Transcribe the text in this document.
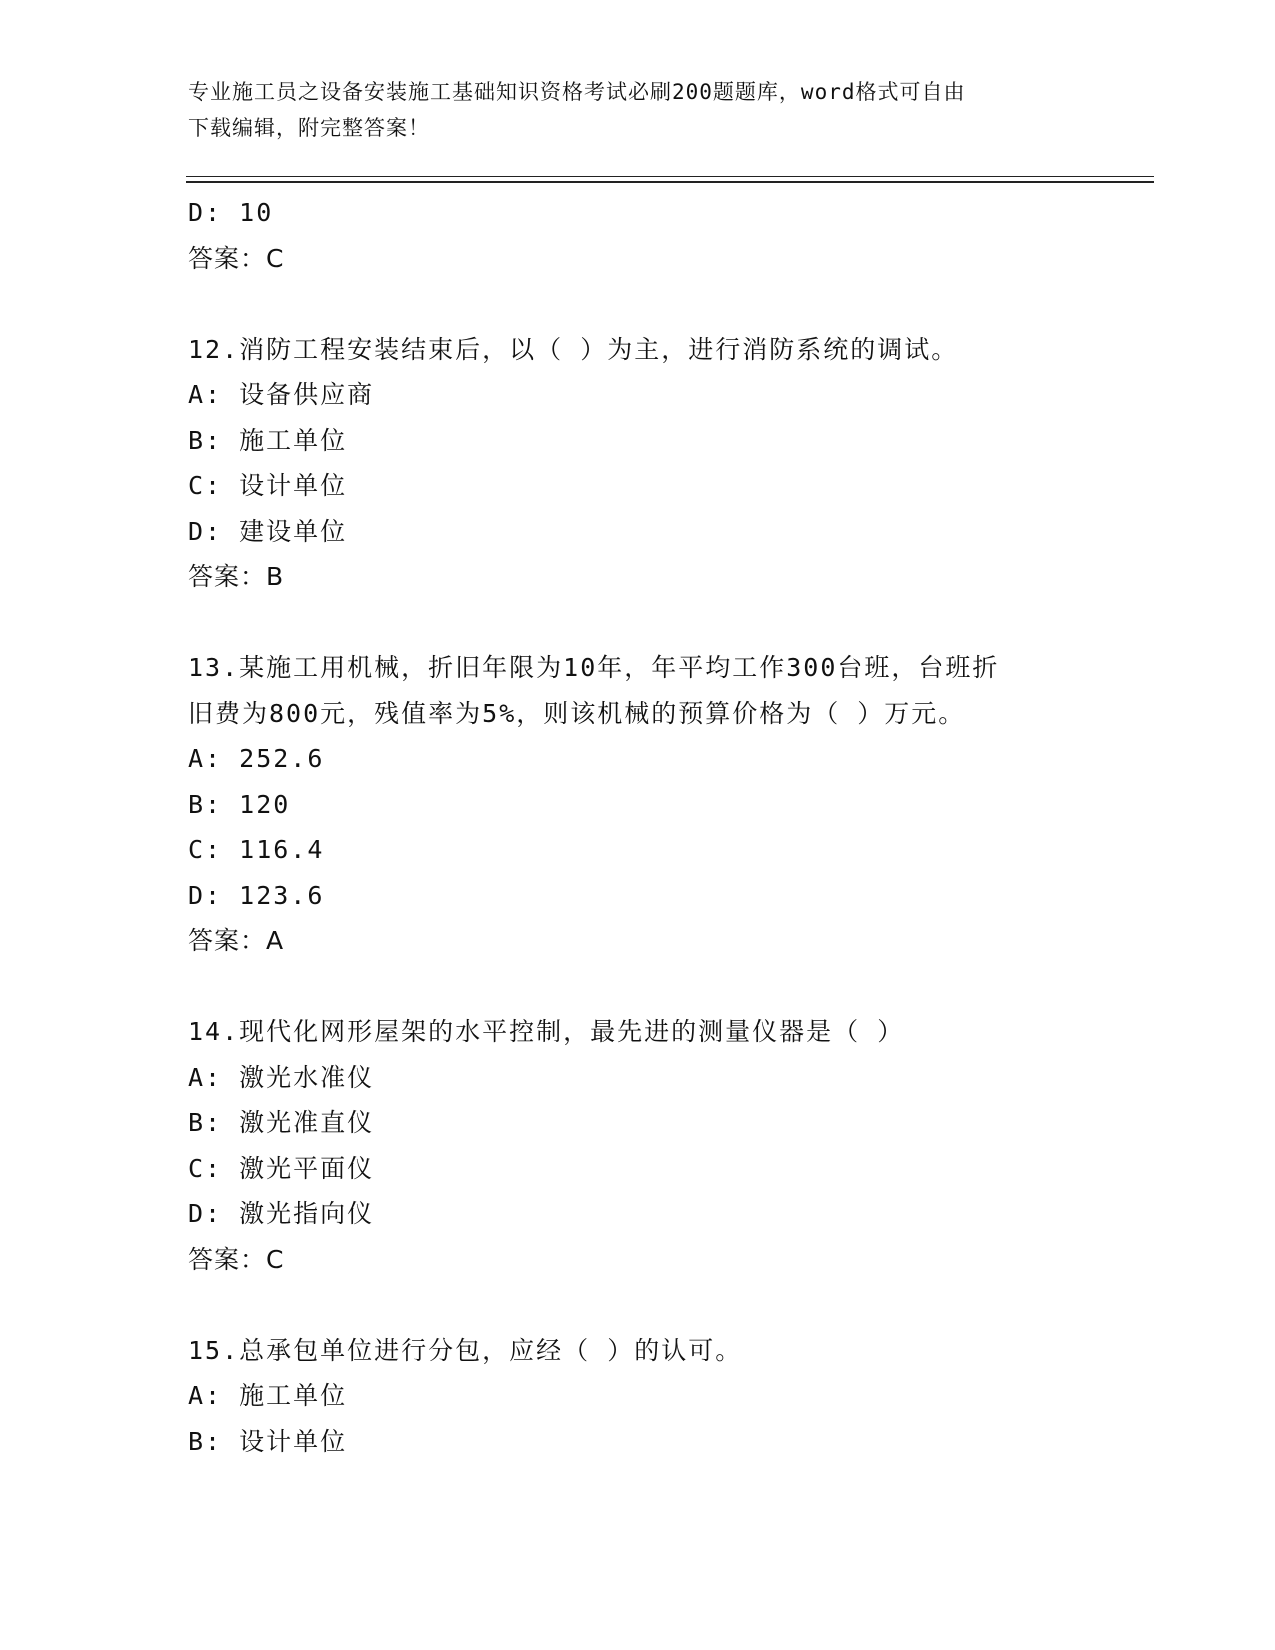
专业施工员之设备安装施工基础知识资格考试必刷200题题库，word格式可自由
下载编辑，附完整答案！
D: 10
答案：C
12.消防工程安装结束后，以（ ）为主，进行消防系统的调试。
A: 设备供应商
B: 施工单位
C: 设计单位
D: 建设单位
答案：B
13.某施工用机械，折旧年限为10年，年平均工作300台班，台班折
旧费为800元，残值率为5%，则该机械的预算价格为（ ）万元。
A: 252.6
B: 120
C: 116.4
D: 123.6
答案：A
14.现代化网形屋架的水平控制，最先进的测量仪器是（ ）
A: 激光水准仪
B: 激光准直仪
C: 激光平面仪
D: 激光指向仪
答案：C
15.总承包单位进行分包，应经（ ）的认可。
A: 施工单位
B: 设计单位
